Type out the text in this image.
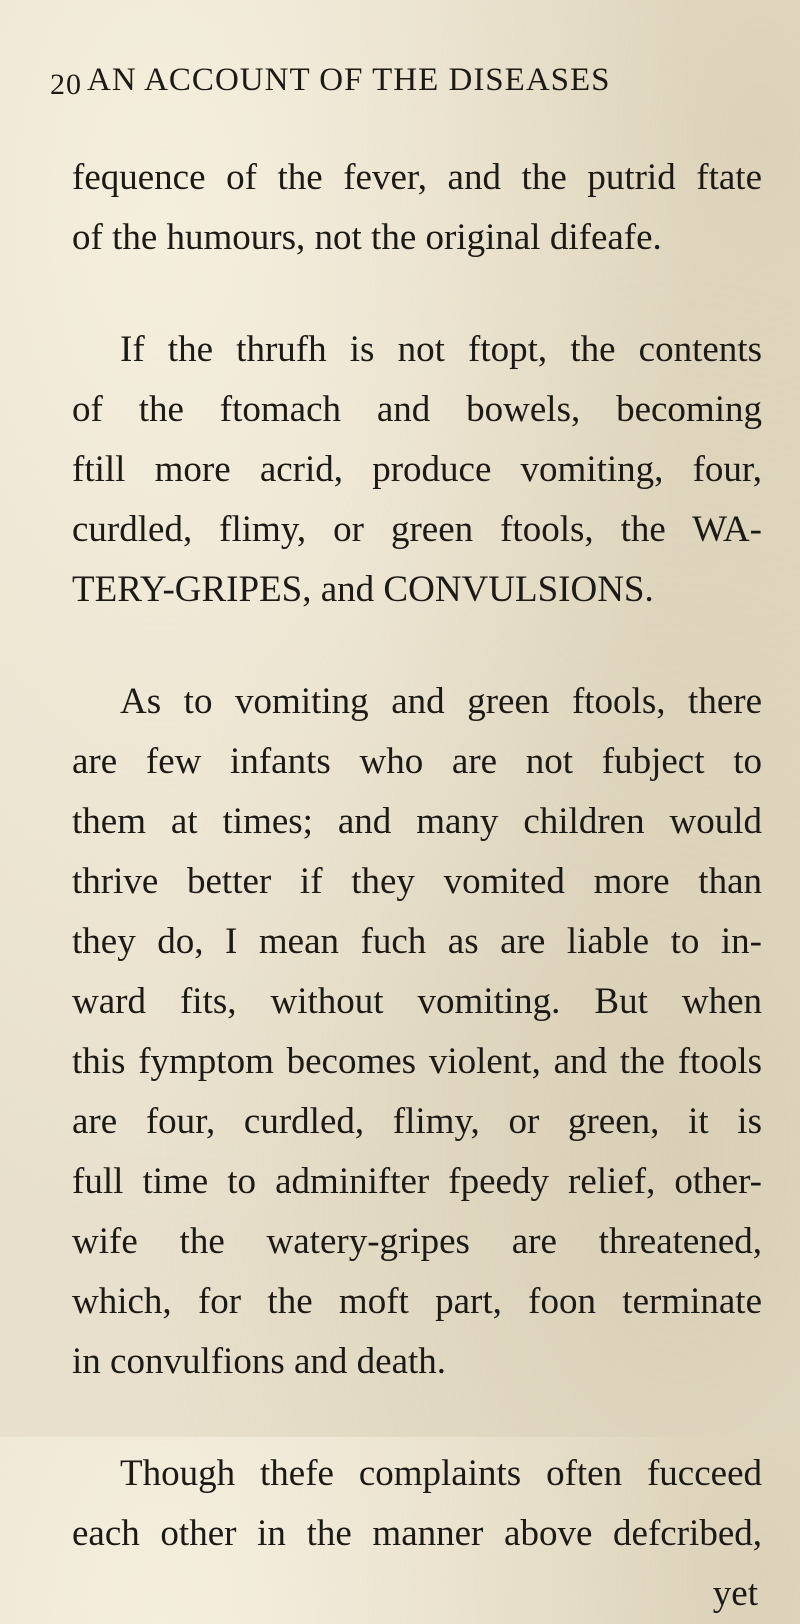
20 AN ACCOUNT OF THE DISEASES
fequence of the fever, and the putrid ftate
of the humours, not the original difeafe.
If the thrufh is not ftopt, the contents
of the ftomach and bowels, becoming
ftill more acrid, produce vomiting, four,
curdled, flimy, or green ftools, the WA-
TERY-GRIPES, and CONVULSIONS.
As to vomiting and green ftools, there
are few infants who are not fubject to
them at times; and many children would
thrive better if they vomited more than
they do, I mean fuch as are liable to in-
ward fits, without vomiting. But when
this fymptom becomes violent, and the ftools
are four, curdled, flimy, or green, it is
full time to adminifter fpeedy relief, other-
wife the watery-gripes are threatened,
which, for the moft part, foon terminate
in convulfions and death.
Though thefe complaints often fucceed
each other in the manner above defcribed,
yet
